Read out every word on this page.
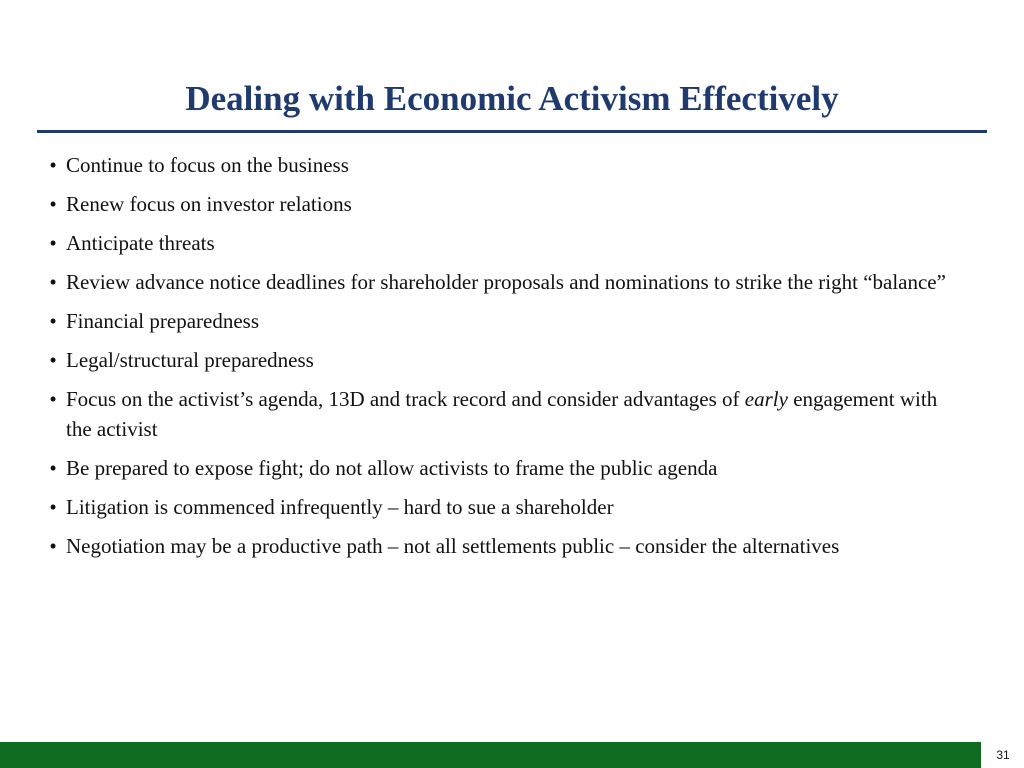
Dealing with Economic Activism Effectively
• Continue to focus on the business
• Renew focus on investor relations
• Anticipate threats
• Review advance notice deadlines for shareholder proposals and nominations to strike the right “balance”
• Financial preparedness
• Legal/structural preparedness
• Focus on the activist’s agenda, 13D and track record and consider advantages of early engagement with the activist
• Be prepared to expose fight; do not allow activists to frame the public agenda
• Litigation is commenced infrequently – hard to sue a shareholder
• Negotiation may be a productive path – not all settlements public – consider the alternatives
31
